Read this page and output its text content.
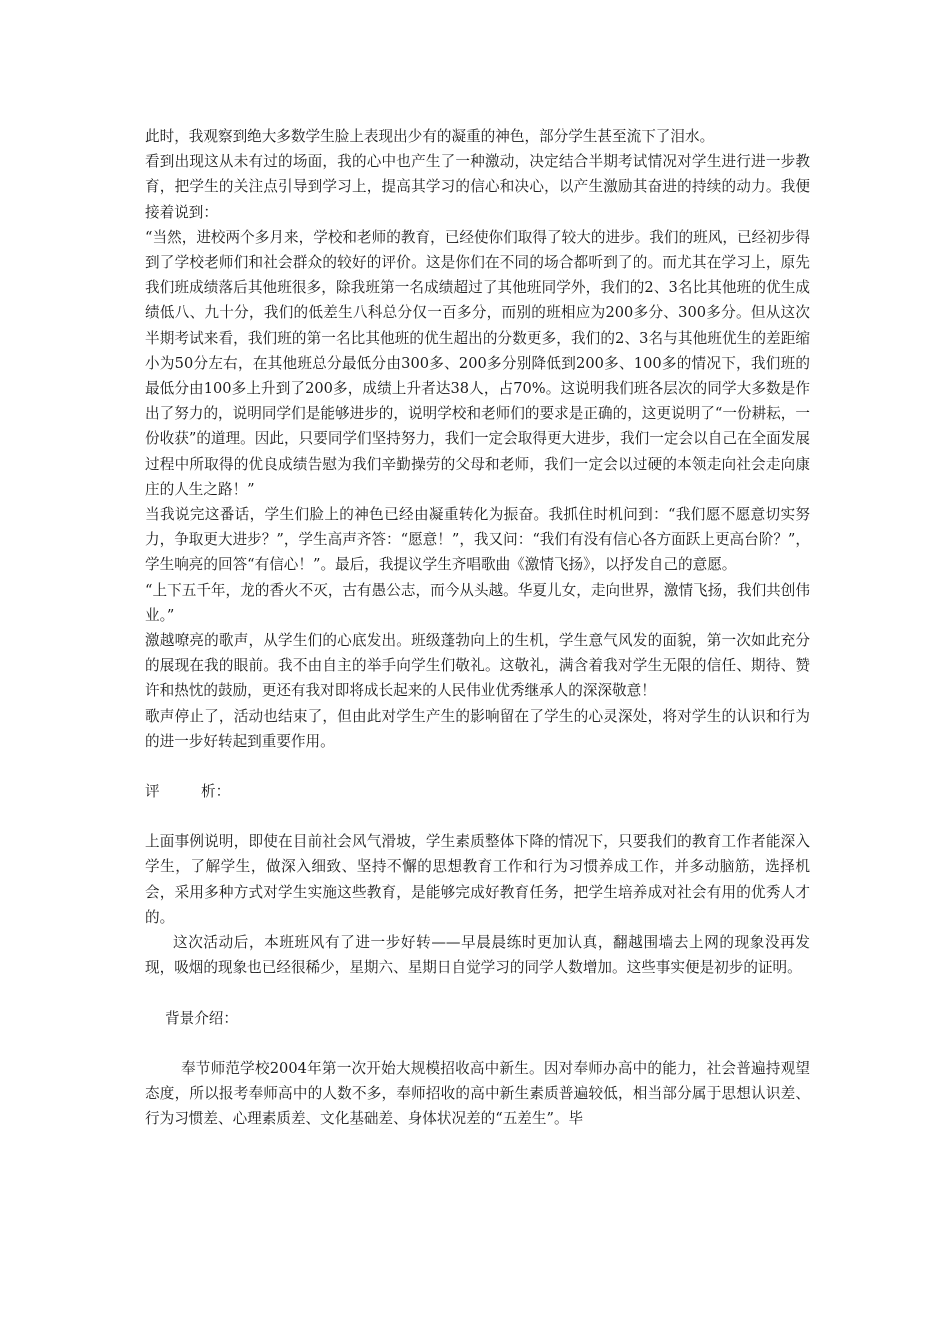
此时，我观察到绝大多数学生脸上表现出少有的凝重的神色，部分学生甚至流下了泪水。

看到出现这从未有过的场面，我的心中也产生了一种激动，决定结合半期考试情况对学生进行进一步教育，把学生的关注点引导到学习上，提高其学习的信心和决心，以产生激励其奋进的持续的动力。我便接着说到：

“当然，进校两个多月来，学校和老师的教育，已经使你们取得了较大的进步。我们的班风，已经初步得到了学校老师们和社会群众的较好的评价。这是你们在不同的场合都听到了的。而尤其在学习上，原先我们班成绩落后其他班很多，除我班第一名成绩超过了其他班同学外，我们的2、3名比其他班的优生成绩低八、九十分，我们的低差生八科总分仅一百多分，而别的班相应为200多分、300多分。但从这次半期考试来看，我们班的第一名比其他班的优生超出的分数更多，我们的2、3名与其他班优生的差距缩小为50分左右，在其他班总分最低分由300多、200多分别降低到200多、100多的情况下，我们班的最低分由100多上升到了200多，成绩上升者达38人，占70%。这说明我们班各层次的同学大多数是作出了努力的，说明同学们是能够进步的，说明学校和老师们的要求是正确的，这更说明了“一份耕耘，一份收获”的道理。因此，只要同学们坚持努力，我们一定会取得更大进步，我们一定会以自己在全面发展过程中所取得的优良成绩告慰为我们辛勤操劳的父母和老师，我们一定会以过硬的本领走向社会走向康庄的人生之路！”

当我说完这番话，学生们脸上的神色已经由凝重转化为振奋。我抓住时机问到：“我们愿不愿意切实努力，争取更大进步？”，学生高声齐答：“愿意！”，我又问：“我们有没有信心各方面跃上更高台阶？”，学生响亮的回答“有信心！”。最后，我提议学生齐唱歌曲《激情飞扬》，以抒发自己的意愿。

“上下五千年，龙的香火不灭，古有愚公志，而今从头越。华夏儿女，走向世界，激情飞扬，我们共创伟业。”

激越嘹亮的歌声，从学生们的心底发出。班级蓬勃向上的生机，学生意气风发的面貌，第一次如此充分的展现在我的眼前。我不由自主的举手向学生们敬礼。这敬礼，满含着我对学生无限的信任、期待、赞许和热忱的鼓励，更还有我对即将成长起来的人民伟业优秀继承人的深深敬意！

歌声停止了，活动也结束了，但由此对学生产生的影响留在了学生的心灵深处，将对学生的认识和行为的进一步好转起到重要作用。

评	析：

上面事例说明，即使在目前社会风气滑坡，学生素质整体下降的情况下，只要我们的教育工作者能深入学生，了解学生，做深入细致、坚持不懈的思想教育工作和行为习惯养成工作，并多动脑筋，选择机会，采用多种方式对学生实施这些教育，是能够完成好教育任务，把学生培养成对社会有用的优秀人才的。

这次活动后，本班班风有了进一步好转——早晨晨练时更加认真，翻越围墙去上网的现象没再发现，吸烟的现象也已经很稀少，星期六、星期日自觉学习的同学人数增加。这些事实便是初步的证明。

背景介绍：

奉节师范学校2004年第一次开始大规模招收高中新生。因对奉师办高中的能力，社会普遍持观望态度，所以报考奉师高中的人数不多，奉师招收的高中新生素质普遍较低，相当部分属于思想认识差、行为习惯差、心理素质差、文化基础差、身体状况差的“五差生”。毕
